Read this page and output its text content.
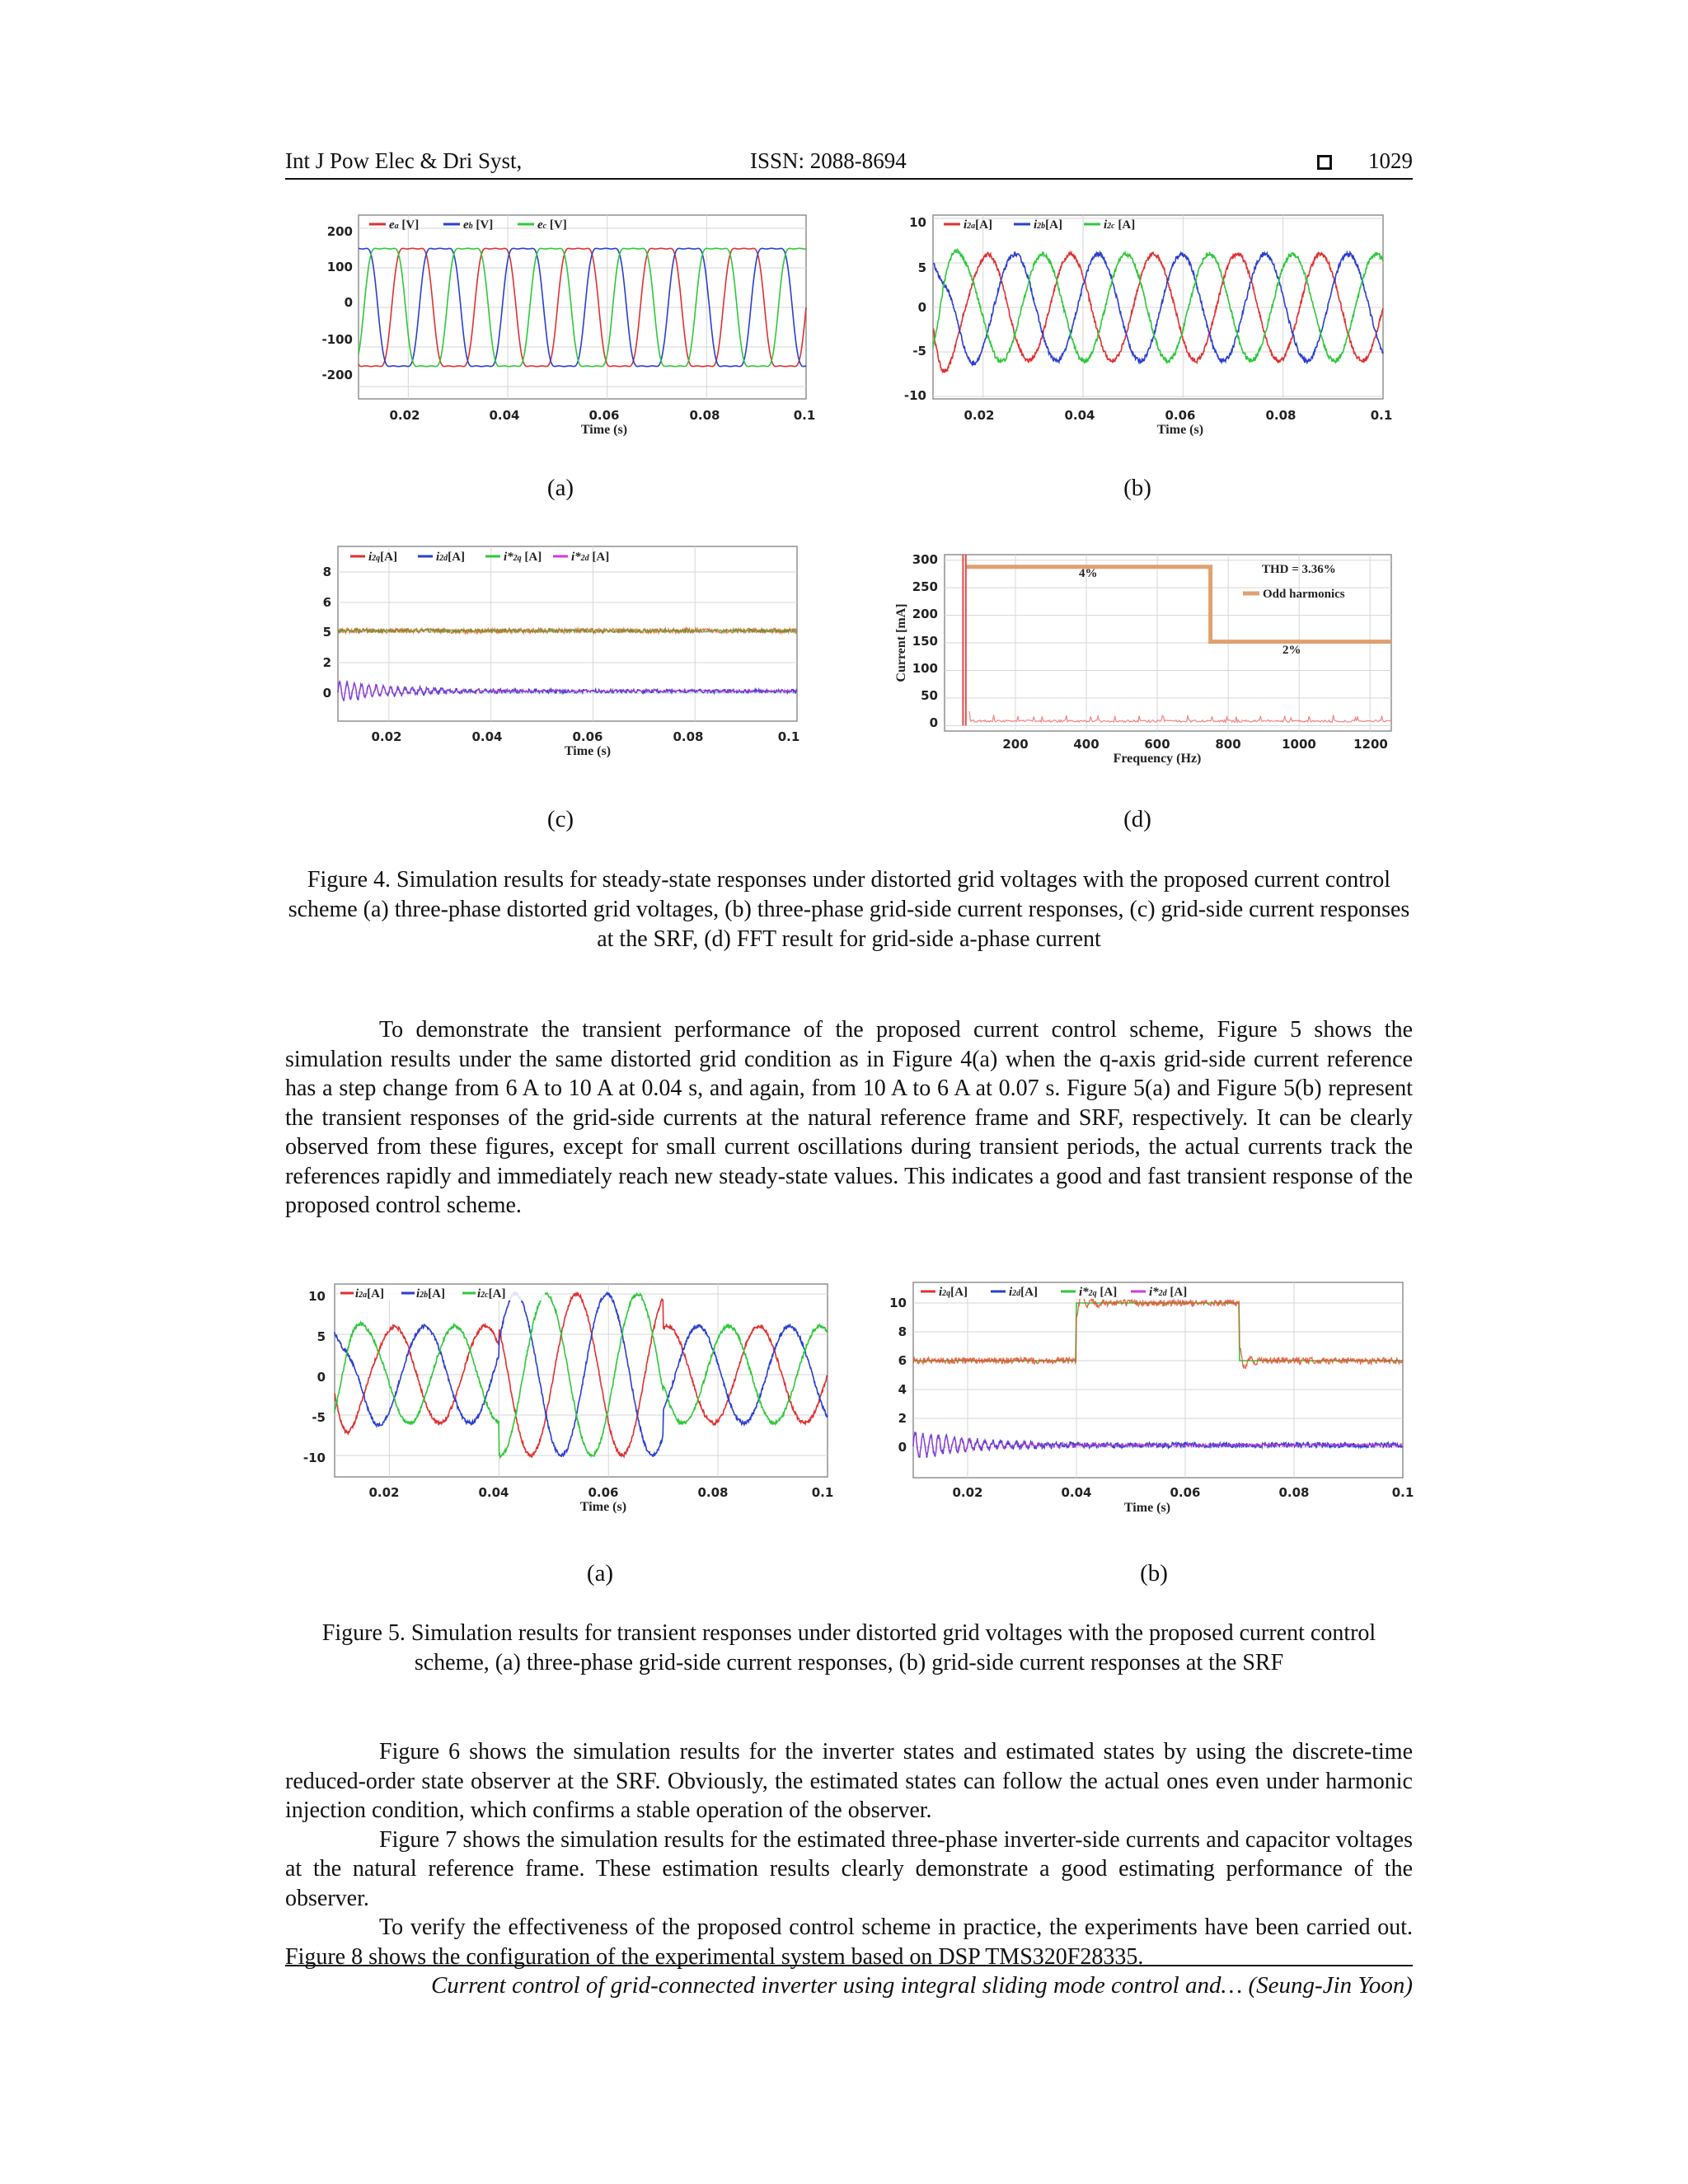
Int J Pow Elec & Dri Syst,	ISSN: 2088-8694	1029
ea [V]	eb [V]	ec [V]
200
100
0
-100
-200
0.02	0.04	0.06	0.08	0.1
Time (s)
i2a[A]	i2b[A]	i2c [A]
10
5
0
-5
-10
0.02	0.04	0.06	0.08	0.1
Time (s)
(a)	(b)
i2q[A]	i2d[A]	i*2q [A] i*2d [A]
8
6
5
2
0
0.02	0.04	0.06	0.08	0.1
Time (s)
THD = 3.36%
Odd harmonics
4%
2%
300
250
200
150
100
50
0
Current [mA]
200	400	600	800	1000	1200
Frequency (Hz)
(c)	(d)
Figure 4. Simulation results for steady-state responses under distorted grid voltages with the proposed current control scheme (a) three-phase distorted grid voltages, (b) three-phase grid-side current responses, (c) grid-side current responses at the SRF, (d) FFT result for grid-side a-phase current

To demonstrate the transient performance of the proposed current control scheme, Figure 5 shows the simulation results under the same distorted grid condition as in Figure 4(a) when the q-axis grid-side current reference has a step change from 6 A to 10 A at 0.04 s, and again, from 10 A to 6 A at 0.07 s. Figure 5(a) and Figure 5(b) represent the transient responses of the grid-side currents at the natural reference frame and SRF, respectively. It can be clearly observed from these figures, except for small current oscillations during transient periods, the actual currents track the references rapidly and immediately reach new steady-state values. This indicates a good and fast transient response of the proposed control scheme.

i2a[A]	i2b[A]	i2c[A]
10
5
0
-5
-10
0.02	0.04	0.06	0.08	0.1
Time (s)
i2q[A]	i2d[A]	i*2q [A]	i*2d [A]
10
8
6
4
2
0
0.02	0.04	0.06	0.08	0.1
Time (s)
(a)	(b)
Figure 5. Simulation results for transient responses under distorted grid voltages with the proposed current control scheme, (a) three-phase grid-side current responses, (b) grid-side current responses at the SRF

Figure 6 shows the simulation results for the inverter states and estimated states by using the discrete-time reduced-order state observer at the SRF. Obviously, the estimated states can follow the actual ones even under harmonic injection condition, which confirms a stable operation of the observer.

Figure 7 shows the simulation results for the estimated three-phase inverter-side currents and capacitor voltages at the natural reference frame. These estimation results clearly demonstrate a good estimating performance of the observer.

To verify the effectiveness of the proposed control scheme in practice, the experiments have been carried out. Figure 8 shows the configuration of the experimental system based on DSP TMS320F28335.

Current control of grid-connected inverter using integral sliding mode control and… (Seung-Jin Yoon)
